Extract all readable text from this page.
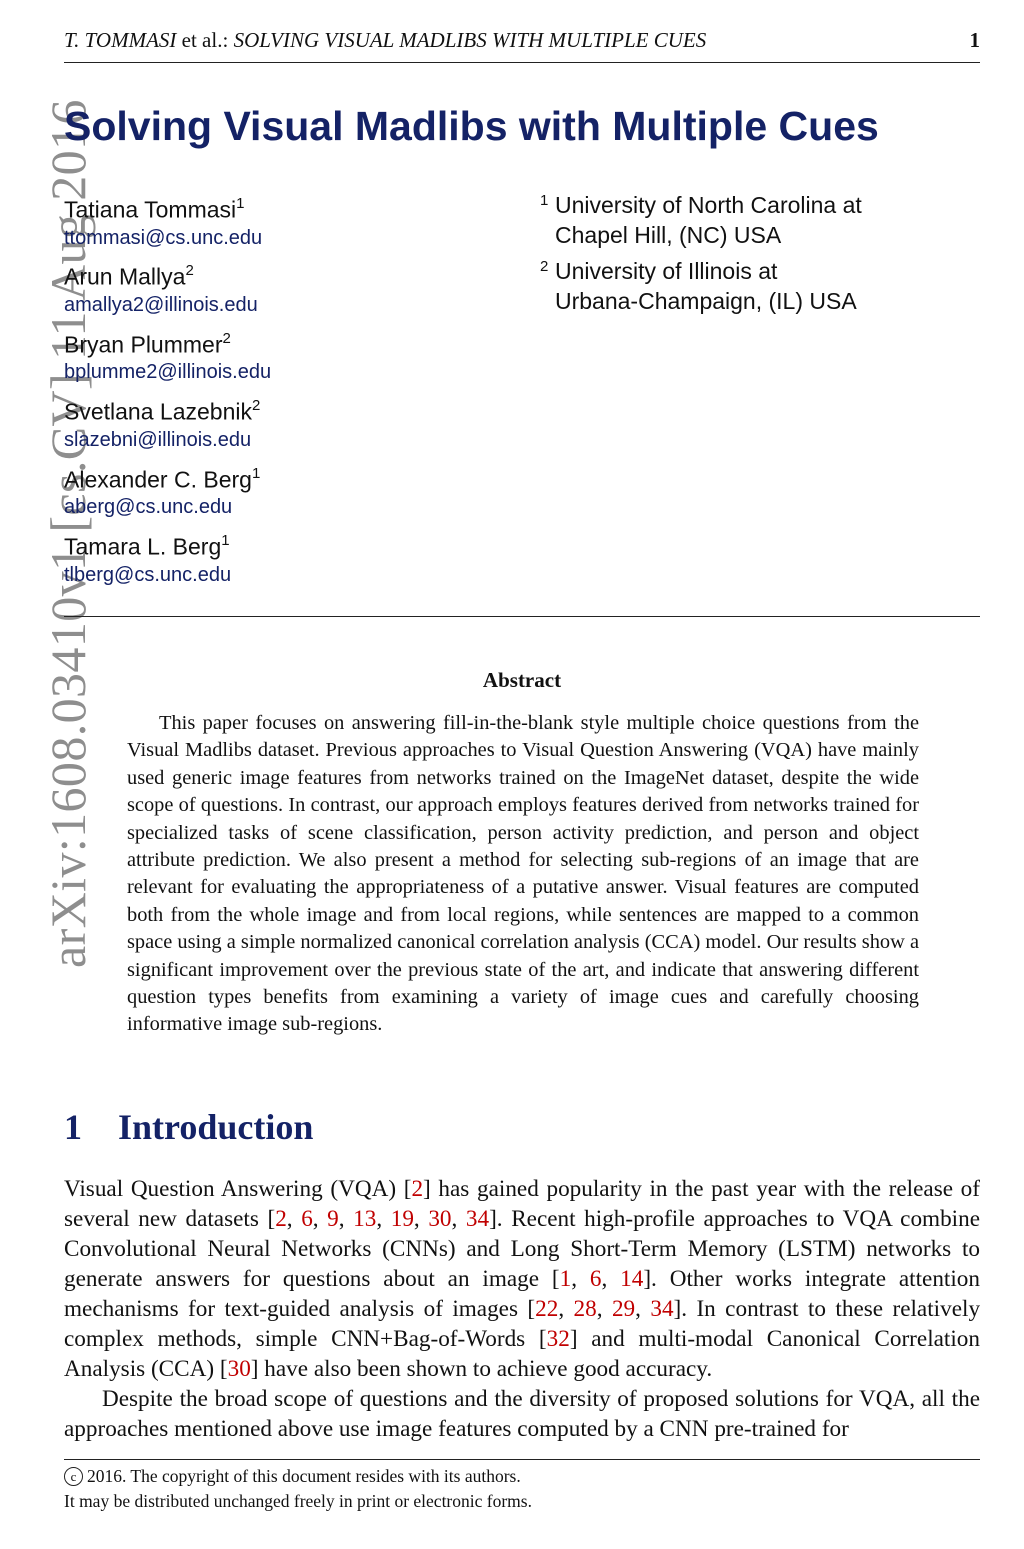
T. TOMMASI et al.: SOLVING VISUAL MADLIBS WITH MULTIPLE CUES	1
arXiv:1608.03410v1 [cs.CV] 11 Aug 2016
Solving Visual Madlibs with Multiple Cues
Tatiana Tommasi$^1$
ttommasi@cs.unc.edu
Arun Mallya$^2$
amallya2@illinois.edu
Bryan Plummer$^2$
bplumme2@illinois.edu
Svetlana Lazebnik$^2$
slazebni@illinois.edu
Alexander C. Berg$^1$
aberg@cs.unc.edu
Tamara L. Berg$^1$
tlberg@cs.unc.edu
1 University of North Carolina at
Chapel Hill, (NC) USA
2 University of Illinois at
Urbana-Champaign, (IL) USA
Abstract

This paper focuses on answering fill-in-the-blank style multiple choice questions from the Visual Madlibs dataset. Previous approaches to Visual Question Answering (VQA) have mainly used generic image features from networks trained on the ImageNet dataset, despite the wide scope of questions. In contrast, our approach employs features derived from networks trained for specialized tasks of scene classification, person activity prediction, and person and object attribute prediction. We also present a method for selecting sub-regions of an image that are relevant for evaluating the appropriateness of a putative answer. Visual features are computed both from the whole image and from local regions, while sentences are mapped to a common space using a simple normalized canonical correlation analysis (CCA) model. Our results show a significant improvement over the previous state of the art, and indicate that answering different question types benefits from examining a variety of image cues and carefully choosing informative image sub-regions.

1 Introduction

Visual Question Answering (VQA) [2] has gained popularity in the past year with the release of several new datasets [2, 6, 9, 13, 19, 30, 34]. Recent high-profile approaches to VQA combine Convolutional Neural Networks (CNNs) and Long Short-Term Memory (LSTM) networks to generate answers for questions about an image [1, 6, 14]. Other works integrate attention mechanisms for text-guided analysis of images [22, 28, 29, 34]. In contrast to these relatively complex methods, simple CNN+Bag-of-Words [32] and multi-modal Canonical Correlation Analysis (CCA) [30] have also been shown to achieve good accuracy.

Despite the broad scope of questions and the diversity of proposed solutions for VQA, all the approaches mentioned above use image features computed by a CNN pre-trained for

c 2016. The copyright of this document resides with its authors.
It may be distributed unchanged freely in print or electronic forms.
